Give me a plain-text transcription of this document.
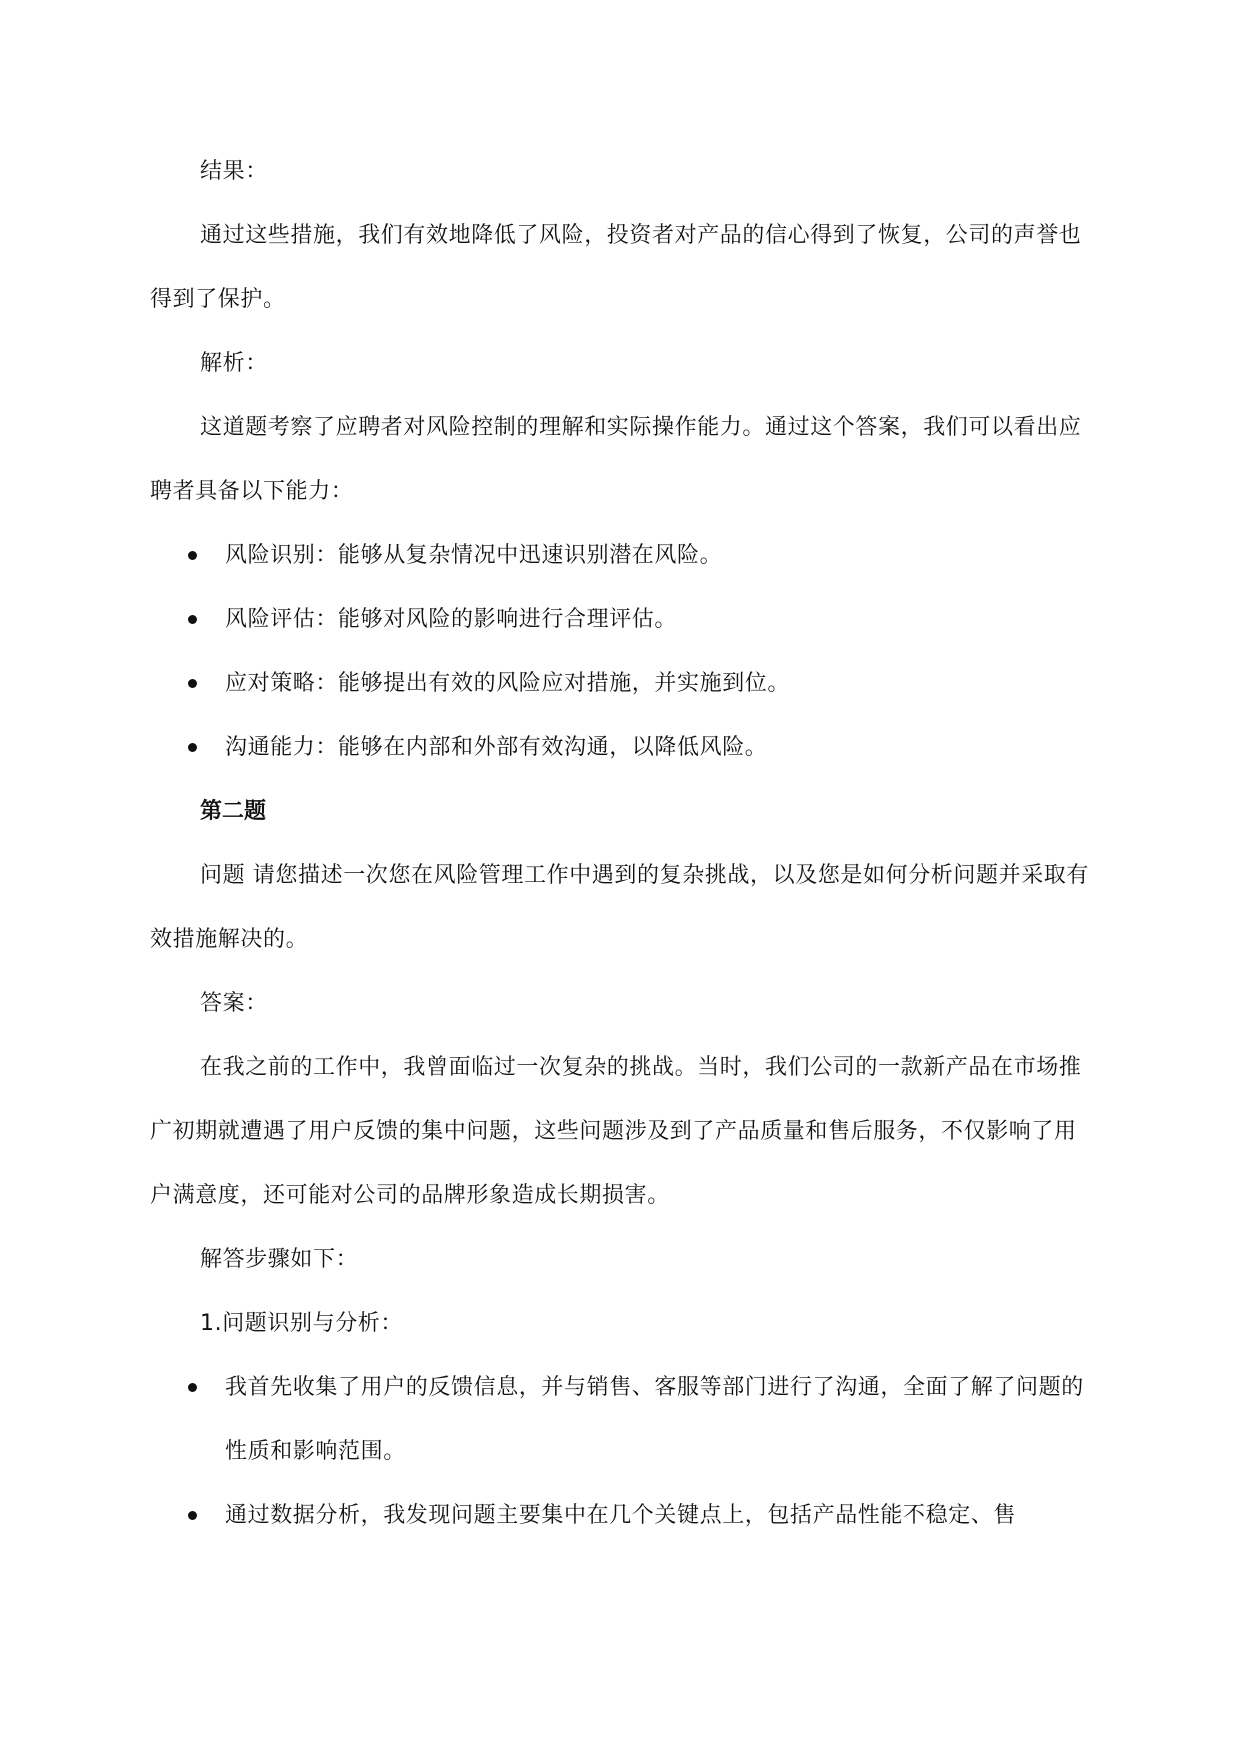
结果：

通过这些措施，我们有效地降低了风险，投资者对产品的信心得到了恢复，公司的声誉也得到了保护。

解析：

这道题考察了应聘者对风险控制的理解和实际操作能力。通过这个答案，我们可以看出应聘者具备以下能力：

风险识别：能够从复杂情况中迅速识别潜在风险。
风险评估：能够对风险的影响进行合理评估。
应对策略：能够提出有效的风险应对措施，并实施到位。
沟通能力：能够在内部和外部有效沟通，以降低风险。

第二题

问题 请您描述一次您在风险管理工作中遇到的复杂挑战，以及您是如何分析问题并采取有效措施解决的。

答案：

在我之前的工作中，我曾面临过一次复杂的挑战。当时，我们公司的一款新产品在市场推广初期就遭遇了用户反馈的集中问题，这些问题涉及到了产品质量和售后服务，不仅影响了用户满意度，还可能对公司的品牌形象造成长期损害。

解答步骤如下：

1.问题识别与分析：

我首先收集了用户的反馈信息，并与销售、客服等部门进行了沟通，全面了解了问题的性质和影响范围。
通过数据分析，我发现问题主要集中在几个关键点上，包括产品性能不稳定、售
